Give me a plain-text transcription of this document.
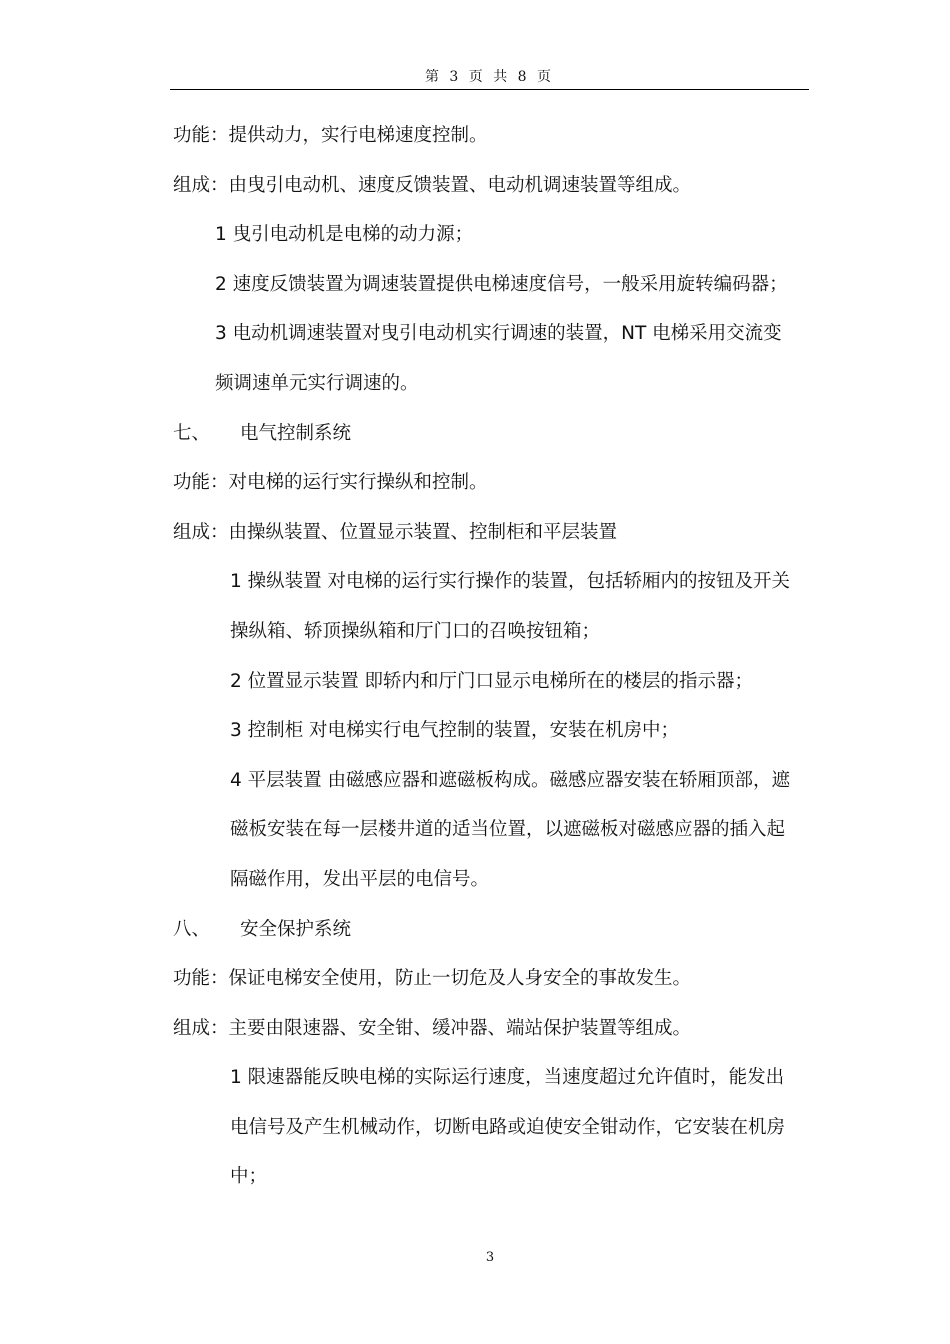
第 3 页 共 8 页
功能：提供动力，实行电梯速度控制。
组成：由曳引电动机、速度反馈装置、电动机调速装置等组成。
1 曳引电动机是电梯的动力源；
2 速度反馈装置为调速装置提供电梯速度信号，一般采用旋转编码器；
3 电动机调速装置对曳引电动机实行调速的装置，NT 电梯采用交流变
频调速单元实行调速的。
七、 电气控制系统
功能：对电梯的运行实行操纵和控制。
组成：由操纵装置、位置显示装置、控制柜和平层装置
1 操纵装置 对电梯的运行实行操作的装置，包括轿厢内的按钮及开关
操纵箱、轿顶操纵箱和厅门口的召唤按钮箱；
2 位置显示装置 即轿内和厅门口显示电梯所在的楼层的指示器；
3 控制柜 对电梯实行电气控制的装置，安装在机房中；
4 平层装置 由磁感应器和遮磁板构成。磁感应器安装在轿厢顶部，遮
磁板安装在每一层楼井道的适当位置，以遮磁板对磁感应器的插入起
隔磁作用，发出平层的电信号。
八、 安全保护系统
功能：保证电梯安全使用，防止一切危及人身安全的事故发生。
组成：主要由限速器、安全钳、缓冲器、端站保护装置等组成。
1 限速器能反映电梯的实际运行速度，当速度超过允许值时，能发出
电信号及产生机械动作，切断电路或迫使安全钳动作，它安装在机房
中；
3
